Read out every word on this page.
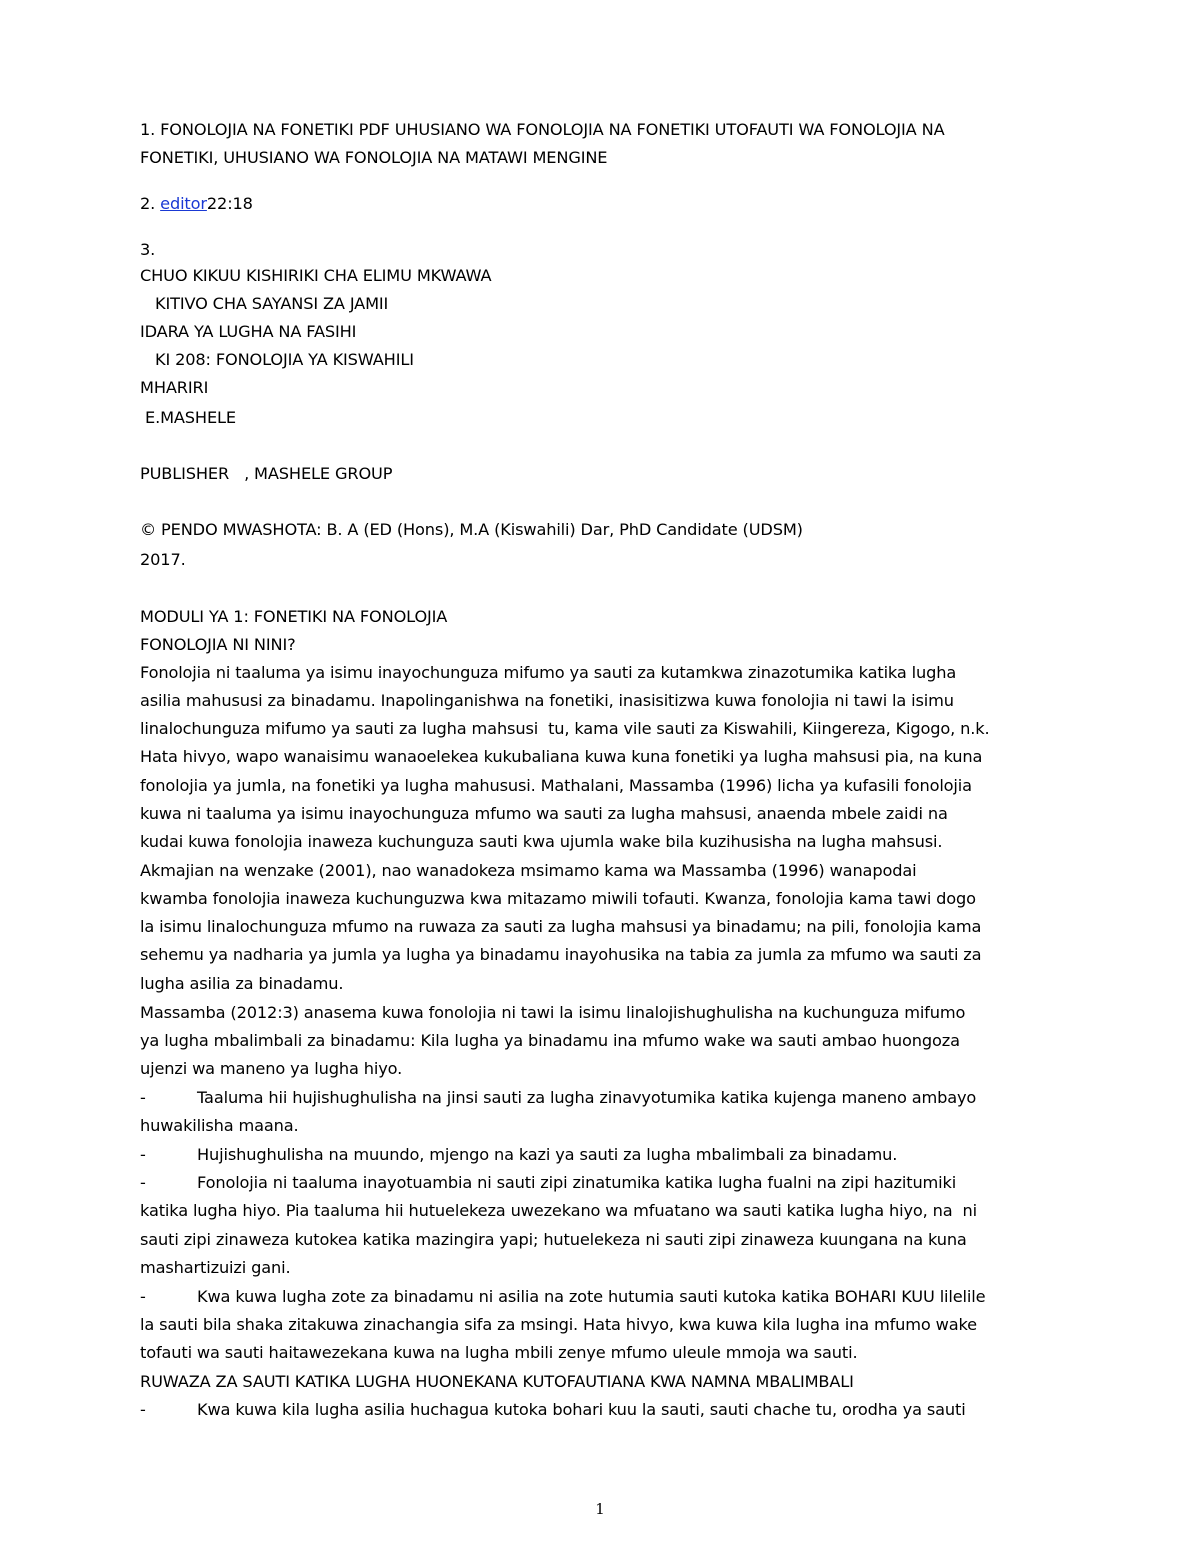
1. FONOLOJIA NA FONETIKI PDF UHUSIANO WA FONOLOJIA NA FONETIKI UTOFAUTI WA FONOLOJIA NA
FONETIKI, UHUSIANO WA FONOLOJIA NA MATAWI MENGINE
2. editor22:18
3.
CHUO KIKUU KISHIRIKI CHA ELIMU MKWAWA
KITIVO CHA SAYANSI ZA JAMII
IDARA YA LUGHA NA FASIHI
KI 208: FONOLOJIA YA KISWAHILI
MHARIRI
E.MASHELE
PUBLISHER   , MASHELE GROUP
© PENDO MWASHOTA: B. A (ED (Hons), M.A (Kiswahili) Dar, PhD Candidate (UDSM)
2017.
MODULI YA 1: FONETIKI NA FONOLOJIA
FONOLOJIA NI NINI?
Fonolojia ni taaluma ya isimu inayochunguza mifumo ya sauti za kutamkwa zinazotumika katika lugha
asilia mahususi za binadamu. Inapolinganishwa na fonetiki, inasisitizwa kuwa fonolojia ni tawi la isimu
linalochunguza mifumo ya sauti za lugha mahsusi  tu, kama vile sauti za Kiswahili, Kiingereza, Kigogo, n.k.
Hata hivyo, wapo wanaisimu wanaoelekea kukubaliana kuwa kuna fonetiki ya lugha mahsusi pia, na kuna
fonolojia ya jumla, na fonetiki ya lugha mahususi. Mathalani, Massamba (1996) licha ya kufasili fonolojia
kuwa ni taaluma ya isimu inayochunguza mfumo wa sauti za lugha mahsusi, anaenda mbele zaidi na
kudai kuwa fonolojia inaweza kuchunguza sauti kwa ujumla wake bila kuzihusisha na lugha mahsusi.
Akmajian na wenzake (2001), nao wanadokeza msimamo kama wa Massamba (1996) wanapodai
kwamba fonolojia inaweza kuchunguzwa kwa mitazamo miwili tofauti. Kwanza, fonolojia kama tawi dogo
la isimu linalochunguza mfumo na ruwaza za sauti za lugha mahsusi ya binadamu; na pili, fonolojia kama
sehemu ya nadharia ya jumla ya lugha ya binadamu inayohusika na tabia za jumla za mfumo wa sauti za
lugha asilia za binadamu.
Massamba (2012:3) anasema kuwa fonolojia ni tawi la isimu linalojishughulisha na kuchunguza mifumo
ya lugha mbalimbali za binadamu: Kila lugha ya binadamu ina mfumo wake wa sauti ambao huongoza
ujenzi wa maneno ya lugha hiyo.
-	Taaluma hii hujishughulisha na jinsi sauti za lugha zinavyotumika katika kujenga maneno ambayo
huwakilisha maana.
-	Hujishughulisha na muundo, mjengo na kazi ya sauti za lugha mbalimbali za binadamu.
-	Fonolojia ni taaluma inayotuambia ni sauti zipi zinatumika katika lugha fualni na zipi hazitumiki
katika lugha hiyo. Pia taaluma hii hutuelekeza uwezekano wa mfuatano wa sauti katika lugha hiyo, na  ni
sauti zipi zinaweza kutokea katika mazingira yapi; hutuelekeza ni sauti zipi zinaweza kuungana na kuna
mashartizuizi gani.
-	Kwa kuwa lugha zote za binadamu ni asilia na zote hutumia sauti kutoka katika BOHARI KUU lilelile
la sauti bila shaka zitakuwa zinachangia sifa za msingi. Hata hivyo, kwa kuwa kila lugha ina mfumo wake
tofauti wa sauti haitawezekana kuwa na lugha mbili zenye mfumo uleule mmoja wa sauti.
RUWAZA ZA SAUTI KATIKA LUGHA HUONEKANA KUTOFAUTIANA KWA NAMNA MBALIMBALI
-	Kwa kuwa kila lugha asilia huchagua kutoka bohari kuu la sauti, sauti chache tu, orodha ya sauti
1
